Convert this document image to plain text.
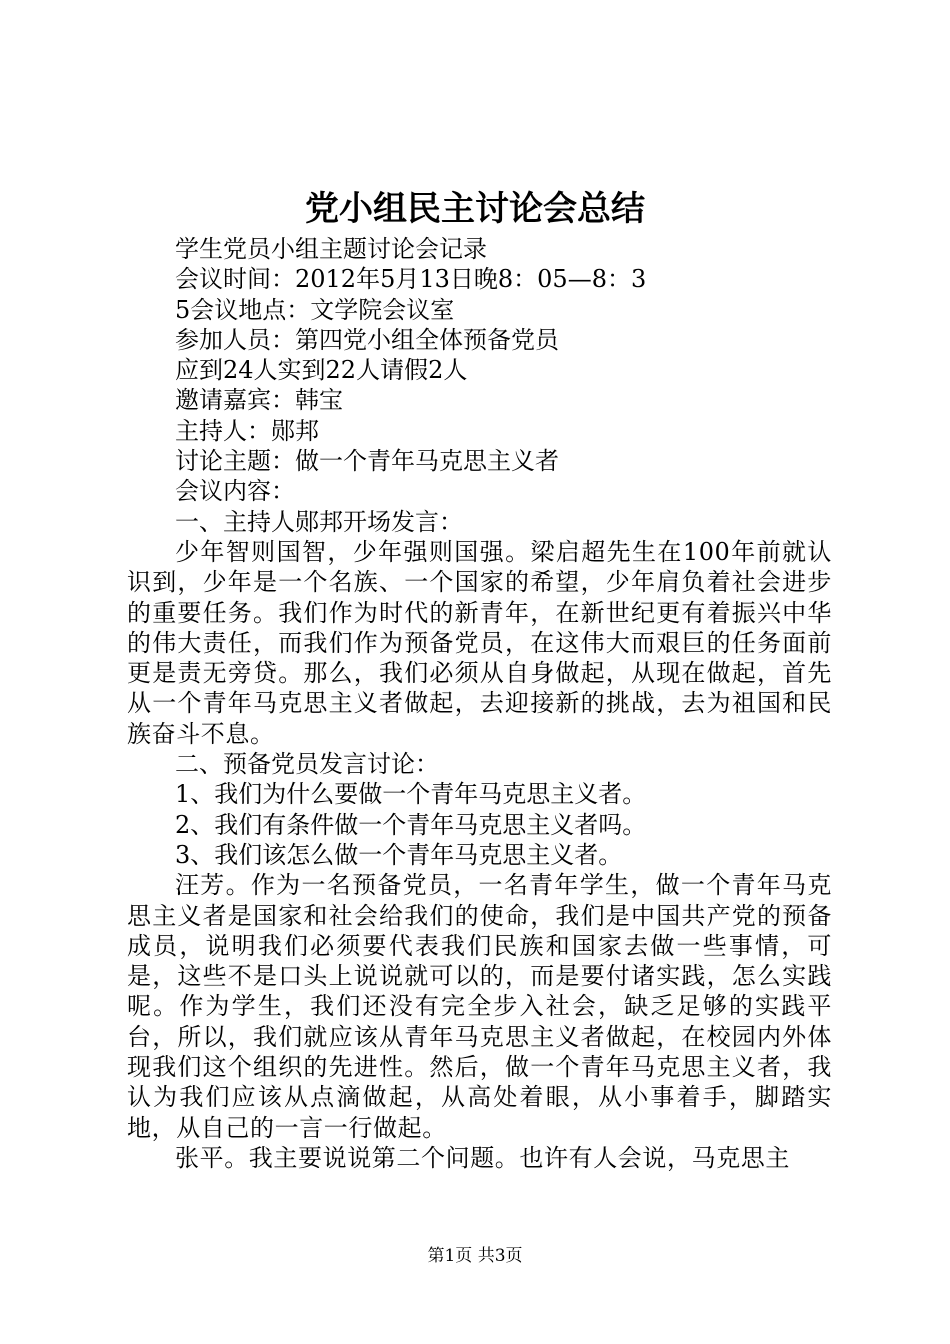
党小组民主讨论会总结

学生党员小组主题讨论会记录

会议时间：2012年5月13日晚8：05—8：3

5会议地点：文学院会议室

参加人员：第四党小组全体预备党员

应到24人实到22人请假2人

邀请嘉宾：韩宝

主持人：郧邦

讨论主题：做一个青年马克思主义者

会议内容：

一、主持人郧邦开场发言：

少年智则国智，少年强则国强。梁启超先生在100年前就认识到，少年是一个名族、一个国家的希望，少年肩负着社会进步的重要任务。我们作为时代的新青年，在新世纪更有着振兴中华的伟大责任，而我们作为预备党员，在这伟大而艰巨的任务面前更是责无旁贷。那么，我们必须从自身做起，从现在做起，首先从一个青年马克思主义者做起，去迎接新的挑战，去为祖国和民族奋斗不息。

二、预备党员发言讨论：

1、我们为什么要做一个青年马克思主义者。

2、我们有条件做一个青年马克思主义者吗。

3、我们该怎么做一个青年马克思主义者。

汪芳。作为一名预备党员，一名青年学生，做一个青年马克思主义者是国家和社会给我们的使命，我们是中国共产党的预备成员，说明我们必须要代表我们民族和国家去做一些事情，可是，这些不是口头上说说就可以的，而是要付诸实践，怎么实践呢。作为学生，我们还没有完全步入社会，缺乏足够的实践平台，所以，我们就应该从青年马克思主义者做起，在校园内外体现我们这个组织的先进性。然后，做一个青年马克思主义者，我认为我们应该从点滴做起，从高处着眼，从小事着手，脚踏实地，从自己的一言一行做起。

张平。我主要说说第二个问题。也许有人会说，马克思主

第1页 共3页
